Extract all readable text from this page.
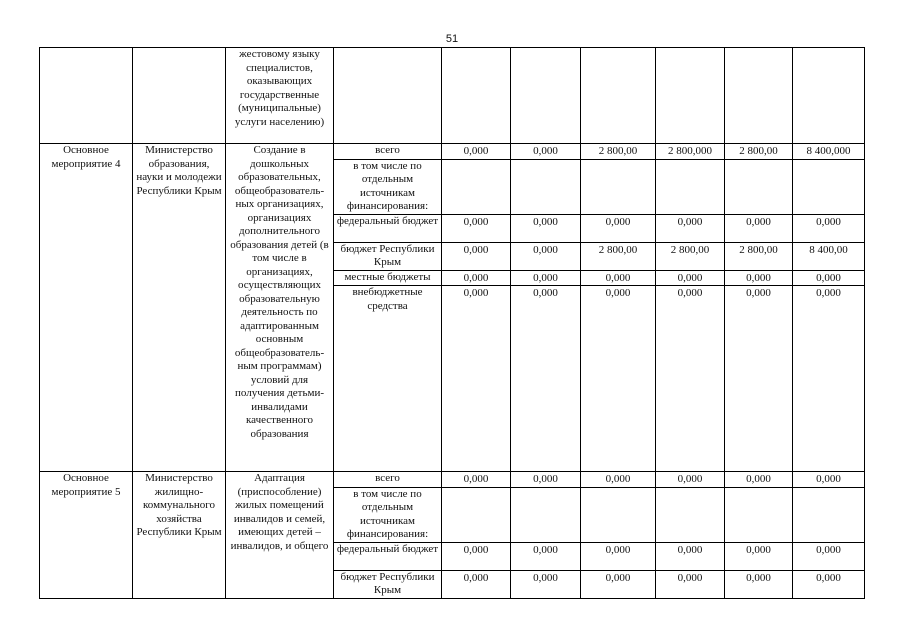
51
		жестовому языку специалистов, оказывающих государственные (муниципальные) услуги населению)							
Основное мероприятие 4	Министерство образования, науки и молодежи Республики Крым	Создание в дошкольных образовательных, общеобразователь-ных организациях, организациях дополнительного образования детей (в том числе в организациях, осуществляющих образовательную деятельность по адаптированным основным общеобразователь-ным программам) условий для получения детьми-инвалидами качественного образования	всего	0,000	0,000	2 800,00	2 800,000	2 800,00	8 400,000
			в том числе по отдельным источникам финансирования:						
			федеральный бюджет	0,000	0,000	0,000	0,000	0,000	0,000
			бюджет Республики Крым	0,000	0,000	2 800,00	2 800,00	2 800,00	8 400,00
			местные бюджеты	0,000	0,000	0,000	0,000	0,000	0,000
			внебюджетные средства	0,000	0,000	0,000	0,000	0,000	0,000
Основное мероприятие 5	Министерство жилищно-коммунального хозяйства Республики Крым	Адаптация (приспособление) жилых помещений инвалидов и семей, имеющих детей – инвалидов, и общего	всего	0,000	0,000	0,000	0,000	0,000	0,000
			в том числе по отдельным источникам финансирования:						
			федеральный бюджет	0,000	0,000	0,000	0,000	0,000	0,000
			бюджет Республики Крым	0,000	0,000	0,000	0,000	0,000	0,000
